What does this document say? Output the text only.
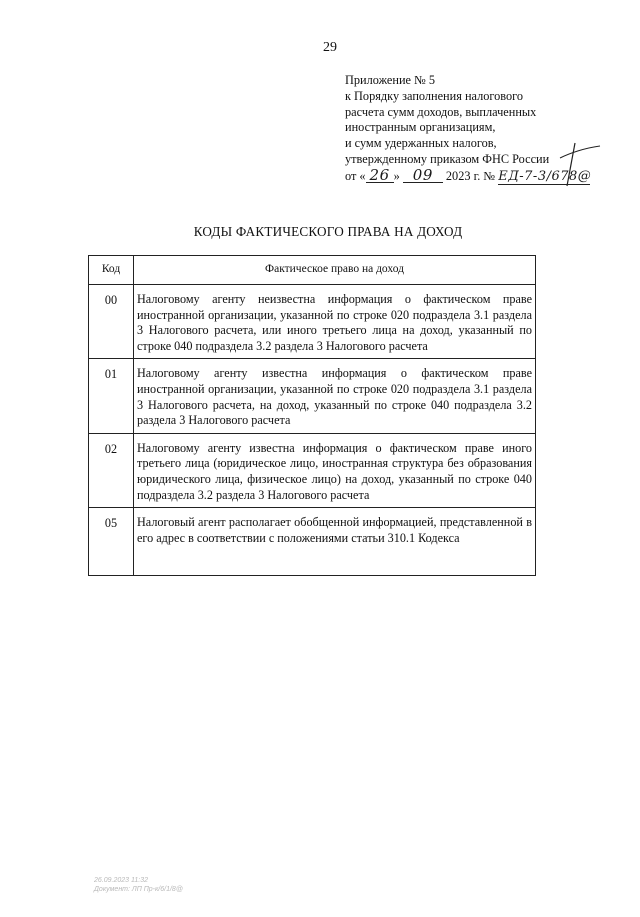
29
Приложение № 5
к Порядку заполнения налогового
расчета сумм доходов, выплаченных
иностранным организациям,
и сумм удержанных налогов,
утвержденному приказом ФНС России
от « 26 » 09 2023 г. № ЕД-7-3/678@
КОДЫ ФАКТИЧЕСКОГО ПРАВА НА ДОХОД
Код	Фактическое право на доход
00	Налоговому агенту неизвестна информация о фактическом праве иностранной организации, указанной по строке 020 подраздела 3.1 раздела 3 Налогового расчета, или иного третьего лица на доход, указанный по строке 040 подраздела 3.2 раздела 3 Налогового расчета
01	Налоговому агенту известна информация о фактическом праве иностранной организации, указанной по строке 020 подраздела 3.1 раздела 3 Налогового расчета, на доход, указанный по строке 040 подраздела 3.2 раздела 3 Налогового расчета
02	Налоговому агенту известна информация о фактическом праве иного третьего лица (юридическое лицо, иностранная структура без образования юридического лица, физическое лицо) на доход, указанный по строке 040 подраздела 3.2 раздела 3 Налогового расчета
05	Налоговый агент располагает обобщенной информацией, представленной в его адрес в соответствии с положениями статьи 310.1 Кодекса
26.09.2023 11:32
Документ: ЛП Пр-к/6/1/8@
